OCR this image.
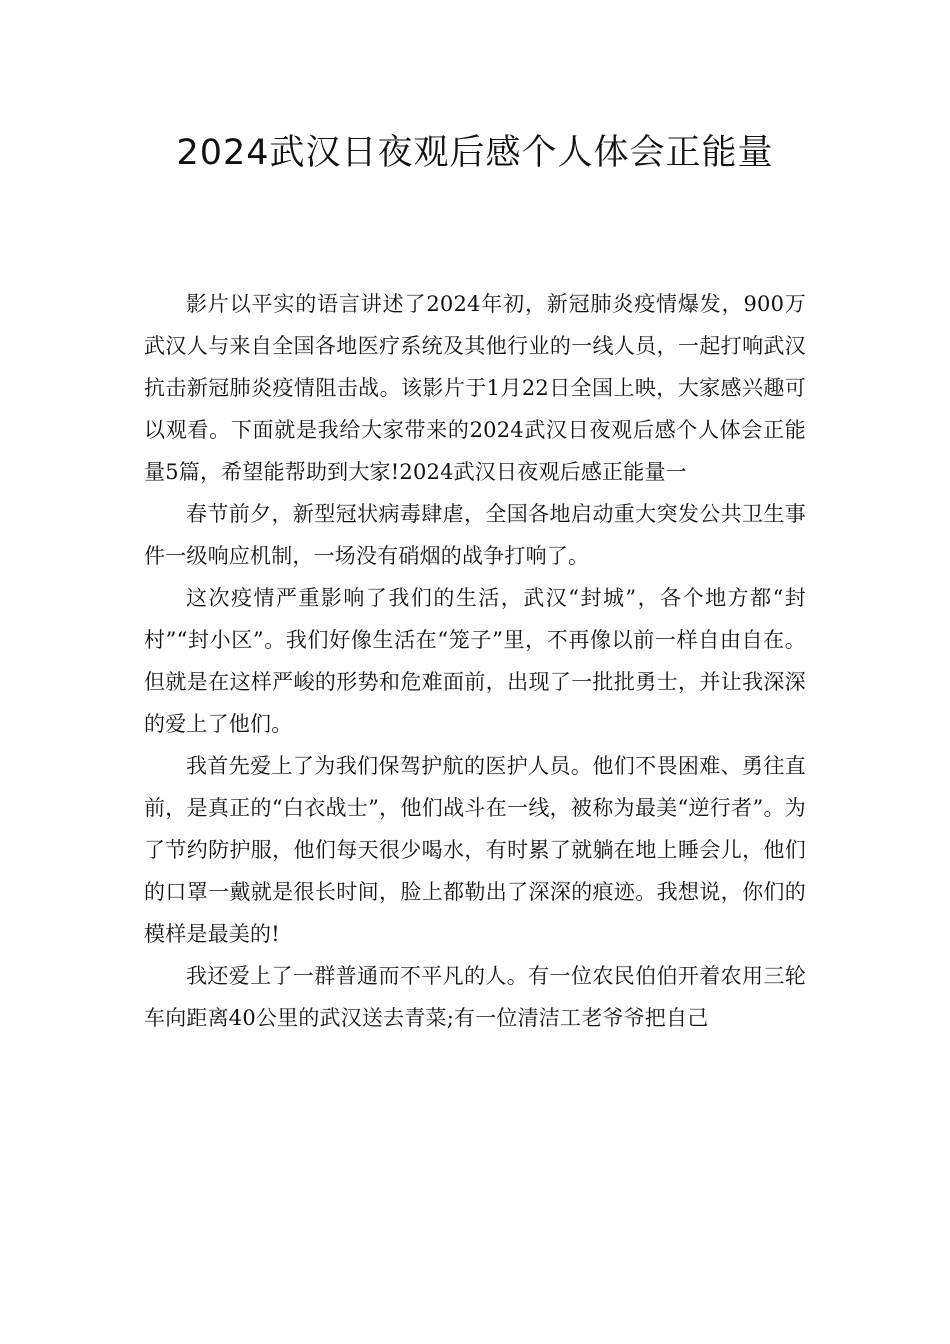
2024武汉日夜观后感个人体会正能量

影片以平实的语言讲述了2024年初，新冠肺炎疫情爆发，900万武汉人与来自全国各地医疗系统及其他行业的一线人员，一起打响武汉抗击新冠肺炎疫情阻击战。该影片于1月22日全国上映，大家感兴趣可以观看。下面就是我给大家带来的2024武汉日夜观后感个人体会正能量5篇，希望能帮助到大家!2024武汉日夜观后感正能量一

春节前夕，新型冠状病毒肆虐，全国各地启动重大突发公共卫生事件一级响应机制，一场没有硝烟的战争打响了。

这次疫情严重影响了我们的生活，武汉“封城”，各个地方都“封村”“封小区”。我们好像生活在“笼子”里，不再像以前一样自由自在。但就是在这样严峻的形势和危难面前，出现了一批批勇士，并让我深深的爱上了他们。

我首先爱上了为我们保驾护航的医护人员。他们不畏困难、勇往直前，是真正的“白衣战士”，他们战斗在一线，被称为最美“逆行者”。为了节约防护服，他们每天很少喝水，有时累了就躺在地上睡会儿，他们的口罩一戴就是很长时间，脸上都勒出了深深的痕迹。我想说，你们的模样是最美的!

我还爱上了一群普通而不平凡的人。有一位农民伯伯开着农用三轮车向距离40公里的武汉送去青菜;有一位清洁工老爷爷把自己
